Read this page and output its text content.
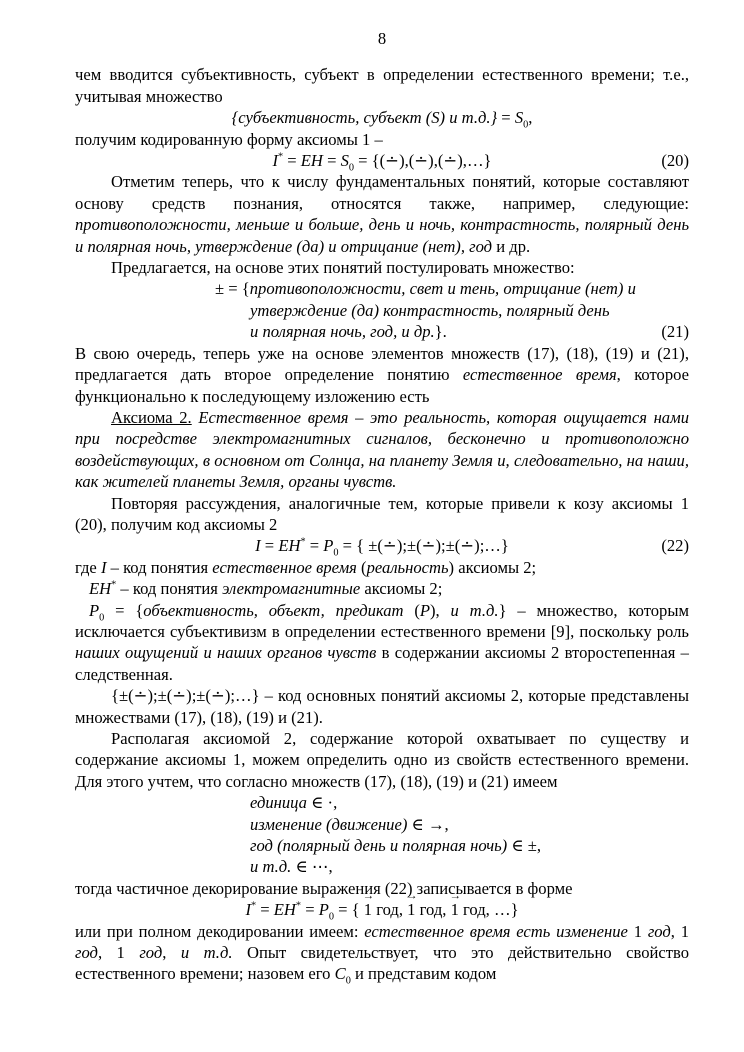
8
чем вводится субъективность, субъект в определении естественного времени; т.е., учитывая множество
{субъективность, субъект (S) и $т.д.\} = S_0$,
получим кодированную форму аксиомы 1 –
I* = EH = $S_0$ = {(∸),(∸),(∸),…}	(20)
Отметим теперь, что к числу фундаментальных понятий, которые составляют основу средств познания, относятся также, например, следующие: противоположности, меньше и больше, день и ночь, контрастность, полярный день и полярная ночь, утверждение (да) и отрицание (нет), год и др.
Предлагается, на основе этих понятий постулировать множество:
± = {противоположности, свет и тень, отрицание (нет) и
утверждение (да) контрастность, полярный день
и полярная ночь, год, и др.}.	(21)
В свою очередь, теперь уже на основе элементов множеств (17), (18), (19) и (21), предлагается дать второе определение понятию естественное время, которое функционально к последующему изложению есть
Аксиома 2. Естественное время – это реальность, которая ощущается нами при посредстве электромагнитных сигналов, бесконечно и противоположно воздействующих, в основном от Солнца, на планету Земля и, следовательно, на наши, как жителей планеты Земля, органы чувств.
Повторяя рассуждения, аналогичные тем, которые привели к козу аксиомы 1 (20), получим код аксиомы 2
$I = EH^* = P_0$ = { ±(∸);±(∸);±(∸);…}	(22)
где I – код понятия естественное время (реальность) аксиомы 2;
EH* – код понятия электромагнитные аксиомы 2;
$P_0$ = {объективность, объект, предикат (P), и т.д.} – множество, которым исключается субъективизм в определении естественного времени [9], поскольку роль наших ощущений и наших органов чувств в содержании аксиомы 2 второстепенная – следственная.
{±(∸);±(∸);±(∸);…} – код основных понятий аксиомы 2, которые представлены множествами (17), (18), (19) и (21).
Располагая аксиомой 2, содержание которой охватывает по существу и содержание аксиомы 1, можем определить одно из свойств естественного времени. Для этого учтем, что согласно множеств (17), (18), (19) и (21) имеем
единица ∈ ·,
изменение (движение) ∈ →,
год (полярный день и полярная ночь) ∈ ±,
и т.д. ∈ ⋯,
тогда частичное декорирование выражения (22) записывается в форме
$I^* = EH^* = P_0$ = { 1 → год, 1 → год, 1 → год, …}
или при полном декодировании имеем: естественное время есть изменение 1 год, 1 год, 1 год, и т.д. Опыт свидетельствует, что это действительно свойство естественного времени; назовем его $C_0$ и представим кодом
